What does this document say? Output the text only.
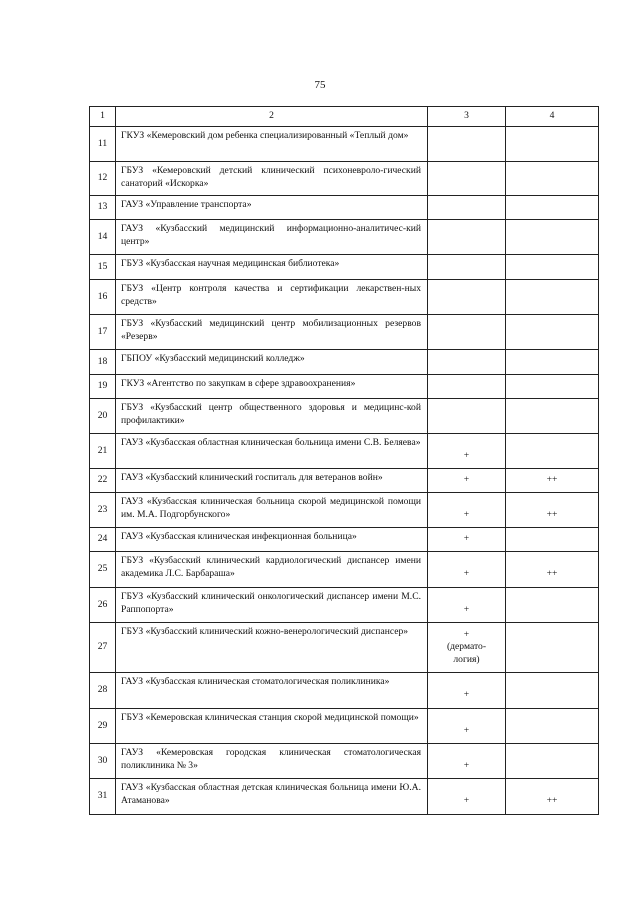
75
1	2	3	4
11	ГКУЗ «Кемеровский дом ребенка специализированный «Теплый дом»	

12	ГБУЗ «Кемеровский детский клинический психоневроло-гический санаторий «Искорка»	

13	ГАУЗ «Управление транспорта»	

14	ГАУЗ «Кузбасский медицинский информационно-аналитичес-кий центр»	

15	ГБУЗ «Кузбасская научная медицинская библиотека»	

16	ГБУЗ «Центр контроля качества и сертификации лекарствен-ных средств»	

17	ГБУЗ «Кузбасский медицинский центр мобилизационных резервов «Резерв»	

18	ГБПОУ «Кузбасский медицинский колледж»	

19	ГКУЗ «Агентство по закупкам в сфере здравоохранения»	

20	ГБУЗ «Кузбасский центр общественного здоровья и медицинс-кой профилактики»	

21	ГАУЗ «Кузбасская областная клиническая больница имени С.В. Беляева»	+	

22	ГАУЗ «Кузбасский клинический госпиталь для ветеранов войн»	+	++

23	ГАУЗ «Кузбасская клиническая больница скорой медицинской помощи им. М.А. Подгорбунского»	+	++

24	ГАУЗ «Кузбасская клиническая инфекционная больница»	+	

25	ГБУЗ «Кузбасский клинический кардиологический диспансер имени академика Л.С. Барбараша»	+	++

26	ГБУЗ «Кузбасский клинический онкологический диспансер имени М.С. Раппопорта»	+	

27	ГБУЗ «Кузбасский клинический кожно-венерологический диспансер»	+
(дермато-
логия)	

28	ГАУЗ «Кузбасская клиническая стоматологическая поликлиника»	+	

29	ГБУЗ «Кемеровская клиническая станция скорой медицинской помощи»	+	

30	ГАУЗ «Кемеровская городская клиническая стоматологическая поликлиника № 3»	+	

31	ГАУЗ «Кузбасская областная детская клиническая больница имени Ю.А. Атаманова»	+	++
